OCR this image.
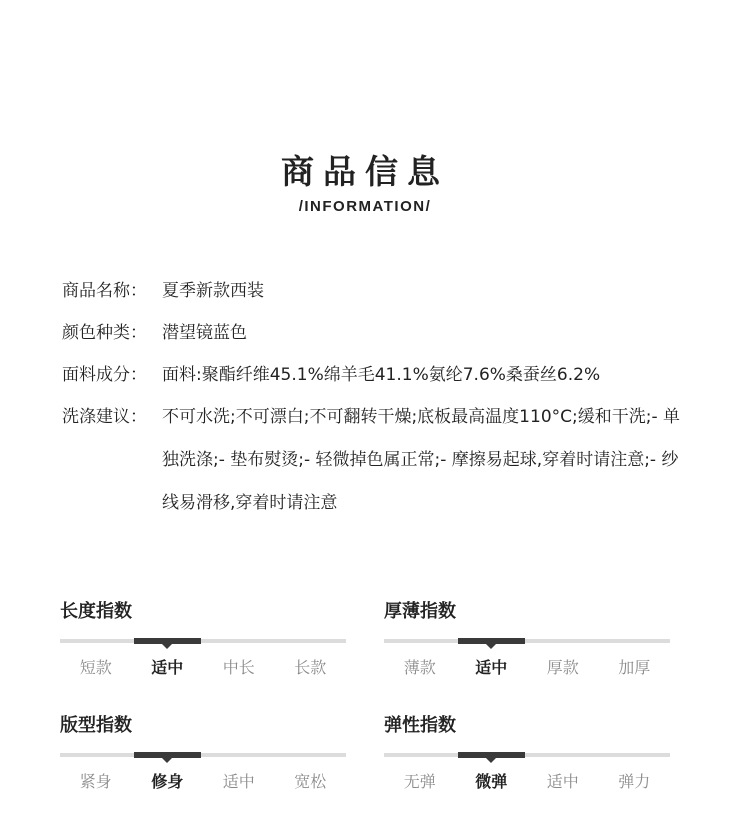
商品信息
/INFORMATION/
商品名称： 夏季新款西装
颜色种类： 潜望镜蓝色
面料成分： 面料:聚酯纤维45.1%绵羊毛41.1%氨纶7.6%桑蚕丝6.2%
洗涤建议： 不可水洗;不可漂白;不可翻转干燥;底板最高温度110°C;缓和干洗;- 单独洗涤;- 垫布熨烫;- 轻微掉色属正常;- 摩擦易起球,穿着时请注意;- 纱线易滑移,穿着时请注意
长度指数
短款	适中	中长	长款
厚薄指数
薄款	适中	厚款	加厚
版型指数
紧身	修身	适中	宽松
弹性指数
无弹	微弹	适中	弹力
